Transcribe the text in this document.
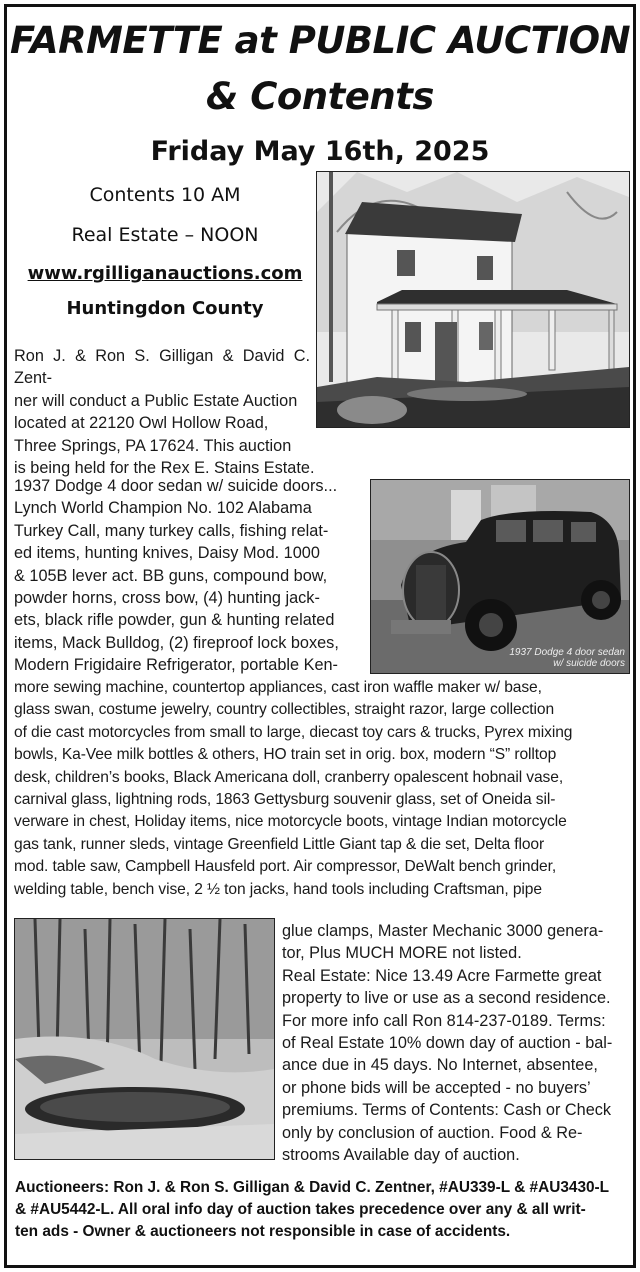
FARMETTE at PUBLIC AUCTION
& Contents
Friday May 16th, 2025
Contents 10 AM
Real Estate – NOON
www.rgilliganauctions.com
Huntingdon County
Ron J. & Ron S. Gilligan & David C. Zent-
ner will conduct a Public Estate Auction
located at 22120 Owl Hollow Road,
Three Springs, PA 17624. This auction
is being held for the Rex E. Stains Estate.
1937 Dodge 4 door sedan
w/ suicide doors
1937 Dodge 4 door sedan w/ suicide doors...
Lynch World Champion No. 102 Alabama
Turkey Call, many turkey calls, fishing relat-
ed items, hunting knives, Daisy Mod. 1000
& 105B lever act. BB guns, compound bow,
powder horns, cross bow, (4) hunting jack-
ets, black rifle powder, gun & hunting related
items, Mack Bulldog, (2) fireproof lock boxes,
Modern Frigidaire Refrigerator, portable Ken-
more sewing machine, countertop appliances, cast iron waffle maker w/ base,
glass swan, costume jewelry, country collectibles, straight razor, large collection
of die cast motorcycles from small to large, diecast toy cars & trucks, Pyrex mixing
bowls, Ka-Vee milk bottles & others, HO train set in orig. box, modern “S” rolltop
desk, children’s books, Black Americana doll, cranberry opalescent hobnail vase,
carnival glass, lightning rods, 1863 Gettysburg souvenir glass, set of Oneida sil-
verware in chest, Holiday items, nice motorcycle boots, vintage Indian motorcycle
gas tank, runner sleds, vintage Greenfield Little Giant tap & die set, Delta floor
mod. table saw, Campbell Hausfeld port. Air compressor, DeWalt bench grinder,
welding table, bench vise, 2 ½ ton jacks, hand tools including Craftsman, pipe
glue clamps, Master Mechanic 3000 genera-
tor, Plus MUCH MORE not listed.
Real Estate: Nice 13.49 Acre Farmette great
property to live or use as a second residence.
For more info call Ron 814-237-0189. Terms:
of Real Estate 10% down day of auction - bal-
ance due in 45 days. No Internet, absentee,
or phone bids will be accepted - no buyers’
premiums. Terms of Contents: Cash or Check
only by conclusion of auction. Food & Re-
strooms Available day of auction.
Auctioneers: Ron J. & Ron S. Gilligan & David C. Zentner, #AU339-L & #AU3430-L
& #AU5442-L. All oral info day of auction takes precedence over any & all writ-
ten ads - Owner & auctioneers not responsible in case of accidents.
